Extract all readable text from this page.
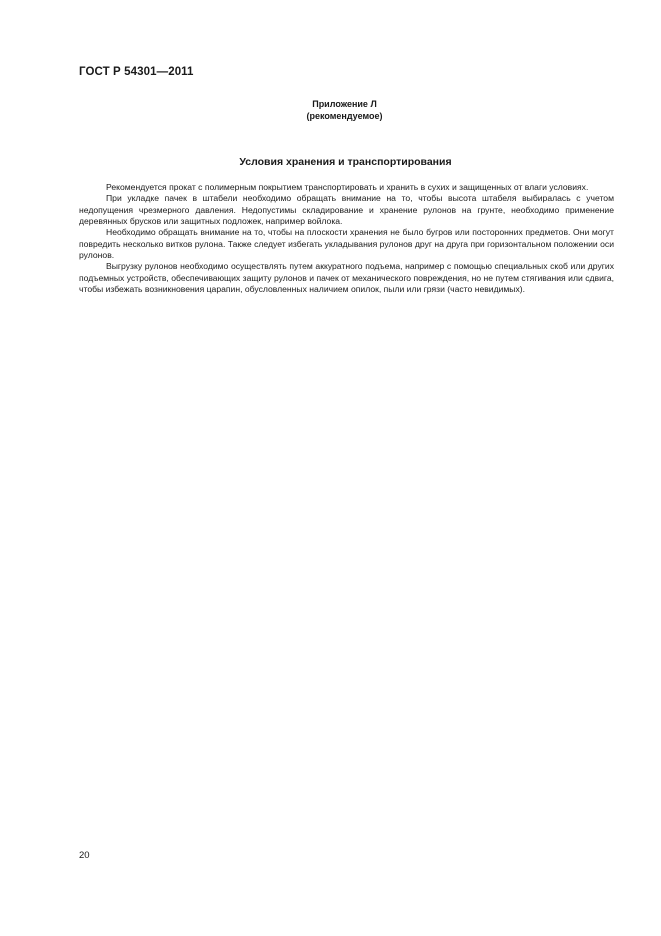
ГОСТ Р 54301—2011
Приложение Л
(рекомендуемое)
Условия хранения и транспортирования

Рекомендуется прокат с полимерным покрытием транспортировать и хранить в сухих и защищенных от влаги условиях.

При укладке пачек в штабели необходимо обращать внимание на то, чтобы высота штабеля выбиралась с учетом недопущения чрезмерного давления. Недопустимы складирование и хранение рулонов на грунте, необходимо применение деревянных брусков или защитных подложек, например войлока.

Необходимо обращать внимание на то, чтобы на плоскости хранения не было бугров или посторонних предметов. Они могут повредить несколько витков рулона. Также следует избегать укладывания рулонов друг на друга при горизонтальном положении оси рулонов.

Выгрузку рулонов необходимо осуществлять путем аккуратного подъема, например с помощью специальных скоб или других подъемных устройств, обеспечивающих защиту рулонов и пачек от механического повреждения, но не путем стягивания или сдвига, чтобы избежать возникновения царапин, обусловленных наличием опилок, пыли или грязи (часто невидимых).

20
